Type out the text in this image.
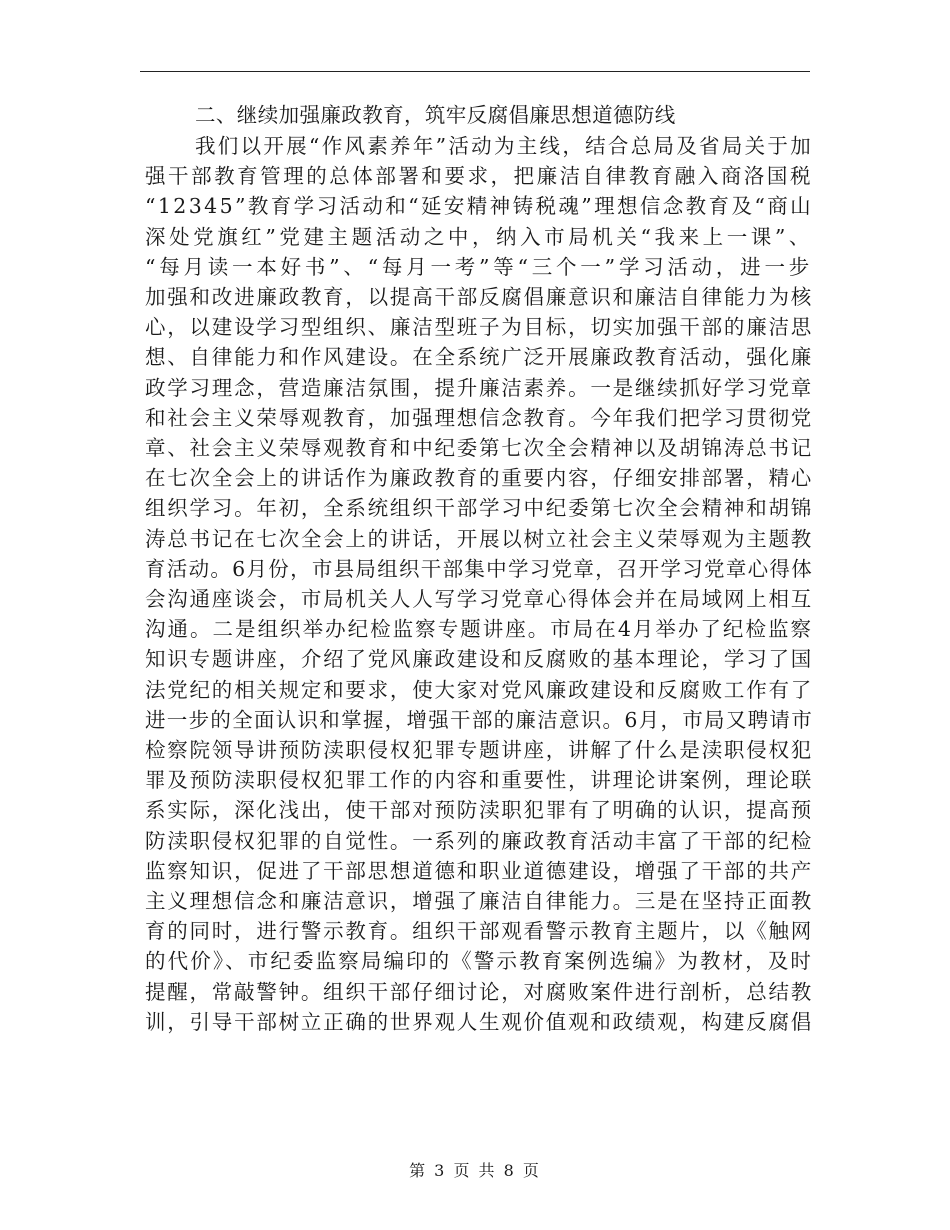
二、继续加强廉政教育，筑牢反腐倡廉思想道德防线

我们以开展“作风素养年”活动为主线，结合总局及省局关于加

强干部教育管理的总体部署和要求，把廉洁自律教育融入商洛国税

“12345”教育学习活动和“延安精神铸税魂”理想信念教育及“商山

深处党旗红”党建主题活动之中，纳入市局机关“我来上一课”、

“每月读一本好书”、“每月一考”等“三个一”学习活动，进一步

加强和改进廉政教育，以提高干部反腐倡廉意识和廉洁自律能力为核

心，以建设学习型组织、廉洁型班子为目标，切实加强干部的廉洁思

想、自律能力和作风建设。在全系统广泛开展廉政教育活动，强化廉

政学习理念，营造廉洁氛围，提升廉洁素养。一是继续抓好学习党章

和社会主义荣辱观教育，加强理想信念教育。今年我们把学习贯彻党

章、社会主义荣辱观教育和中纪委第七次全会精神以及胡锦涛总书记

在七次全会上的讲话作为廉政教育的重要内容，仔细安排部署，精心

组织学习。年初，全系统组织干部学习中纪委第七次全会精神和胡锦

涛总书记在七次全会上的讲话，开展以树立社会主义荣辱观为主题教

育活动。6月份，市县局组织干部集中学习党章，召开学习党章心得体

会沟通座谈会，市局机关人人写学习党章心得体会并在局域网上相互

沟通。二是组织举办纪检监察专题讲座。市局在4月举办了纪检监察

知识专题讲座，介绍了党风廉政建设和反腐败的基本理论，学习了国

法党纪的相关规定和要求，使大家对党风廉政建设和反腐败工作有了

进一步的全面认识和掌握，增强干部的廉洁意识。6月，市局又聘请市

检察院领导讲预防渎职侵权犯罪专题讲座，讲解了什么是渎职侵权犯

罪及预防渎职侵权犯罪工作的内容和重要性，讲理论讲案例，理论联

系实际，深化浅出，使干部对预防渎职犯罪有了明确的认识，提高预

防渎职侵权犯罪的自觉性。一系列的廉政教育活动丰富了干部的纪检

监察知识，促进了干部思想道德和职业道德建设，增强了干部的共产

主义理想信念和廉洁意识，增强了廉洁自律能力。三是在坚持正面教

育的同时，进行警示教育。组织干部观看警示教育主题片，以《触网

的代价》、市纪委监察局编印的《警示教育案例选编》为教材，及时

提醒，常敲警钟。组织干部仔细讨论，对腐败案件进行剖析，总结教

训，引导干部树立正确的世界观人生观价值观和政绩观，构建反腐倡

第 3 页 共 8 页
